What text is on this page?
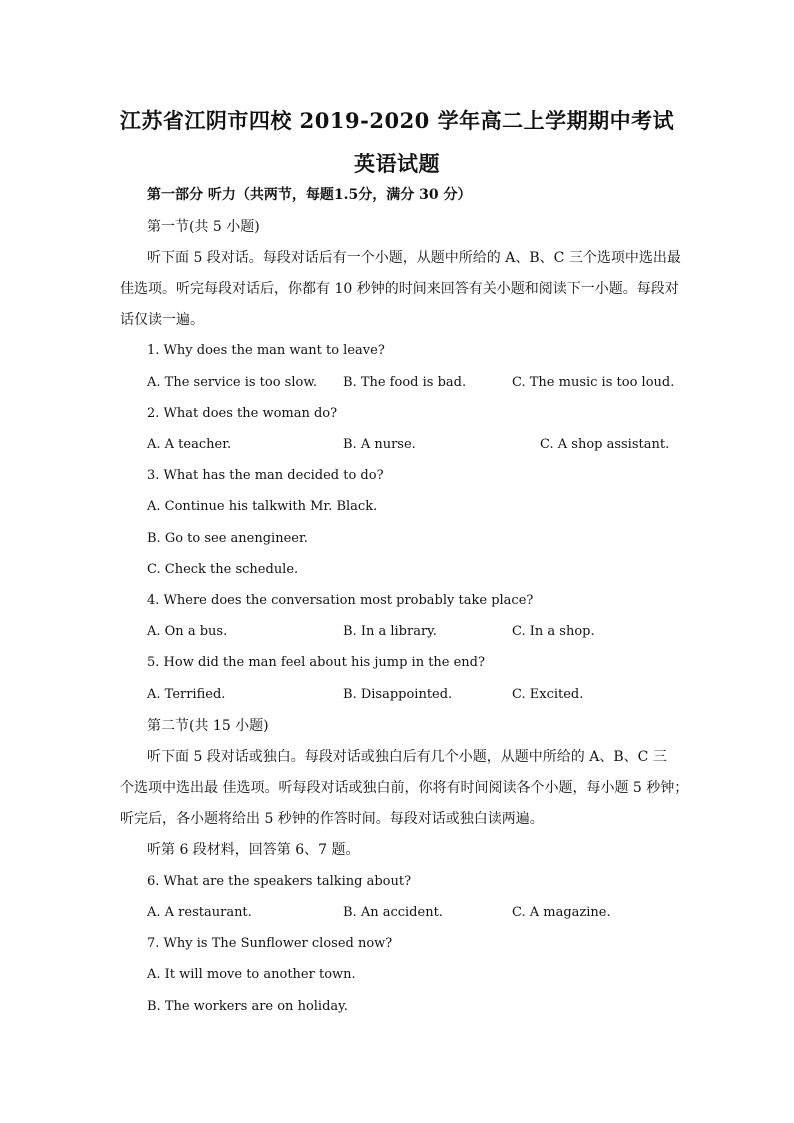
江苏省江阴市四校 2019-2020 学年高二上学期期中考试
英语试题
第一部分 听力（共两节，每题1.5分，满分 30 分）
第一节(共 5 小题)
听下面 5 段对话。每段对话后有一个小题，从题中所给的 A、B、C 三个选项中选出最
佳选项。听完每段对话后，你都有 10 秒钟的时间来回答有关小题和阅读下一小题。每段对
话仅读一遍。
1. Why does the man want to leave?
A. The service is too slow. B. The food is bad.	C. The music is too loud.
2. What does the woman do?
A. A teacher.	B. A nurse.	C. A shop assistant.
3. What has the man decided to do?
A. Continue his talkwith Mr. Black.
B. Go to see anengineer.
C. Check the schedule.
4. Where does the conversation most probably take place?
A. On a bus.	B. In a library.	C. In a shop.
5. How did the man feel about his jump in the end?
A. Terrified.	B. Disappointed.	C. Excited.
第二节(共 15 小题)
听下面 5 段对话或独白。每段对话或独白后有几个小题，从题中所给的 A、B、C 三
个选项中选出最 佳选项。听每段对话或独白前，你将有时间阅读各个小题，每小题 5 秒钟；
听完后，各小题将给出 5 秒钟的作答时间。每段对话或独白读两遍。
听第 6 段材料，回答第 6、7 题。
6. What are the speakers talking about?
A. A restaurant.	B. An accident.	C. A magazine.
7. Why is The Sunflower closed now?
A. It will move to another town.
B. The workers are on holiday.
